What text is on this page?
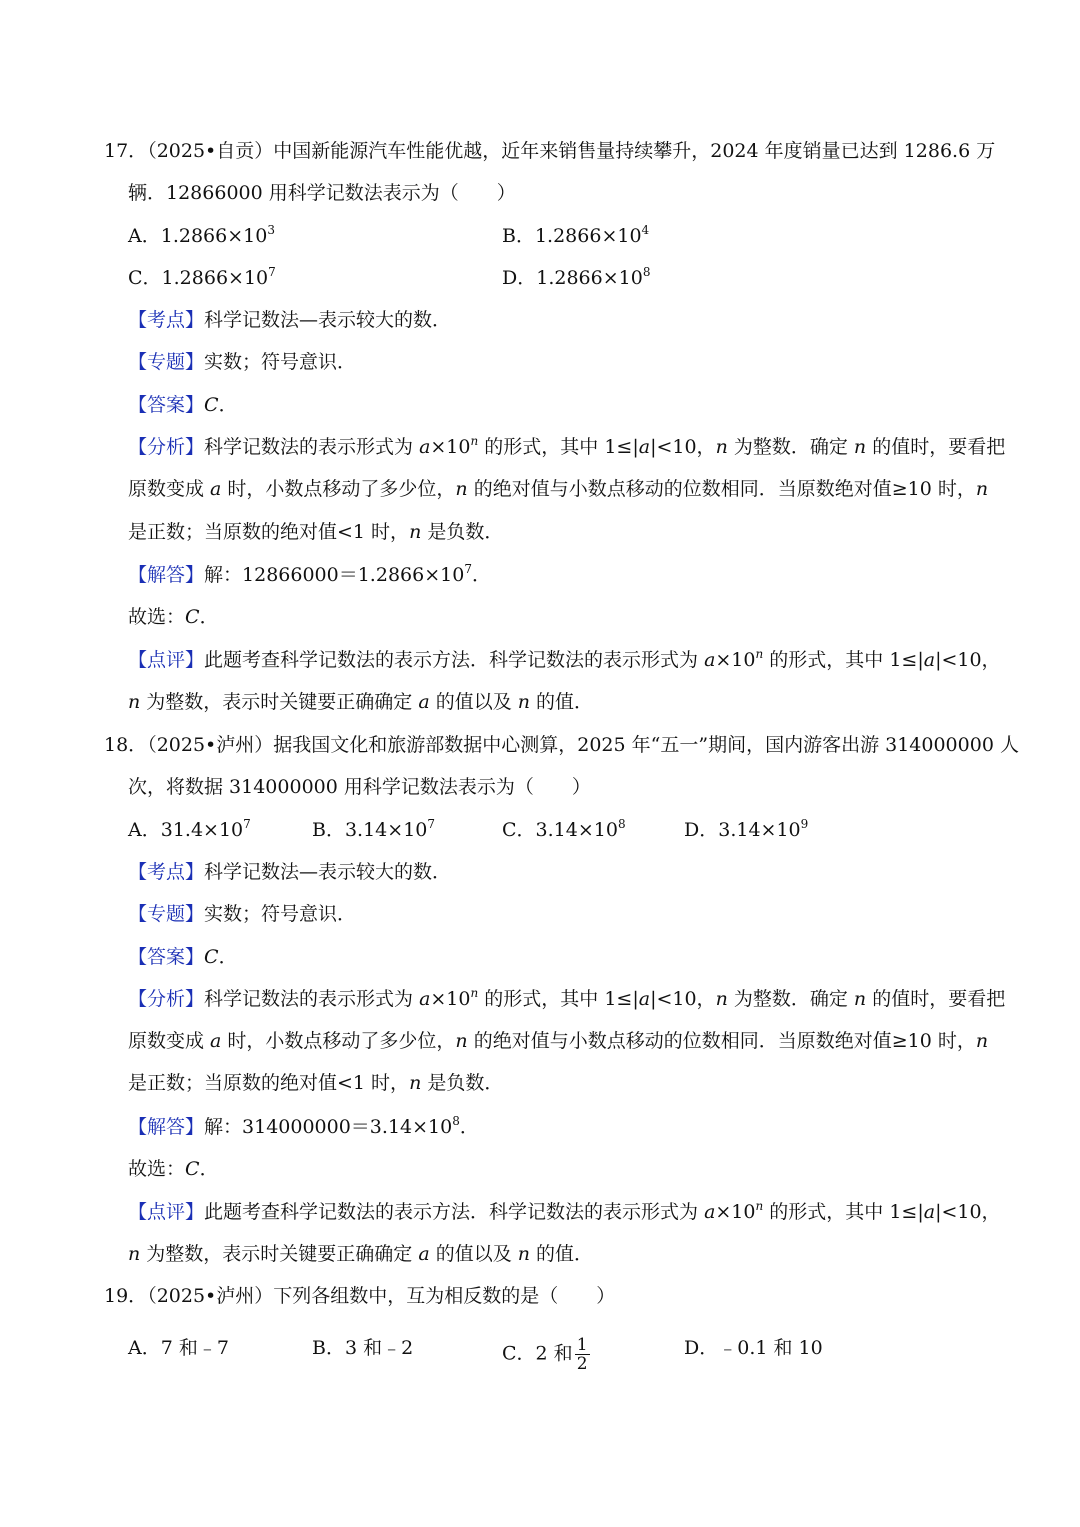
17．（2025•自贡）中国新能源汽车性能优越，近年来销售量持续攀升，2024 年度销量已达到 1286.6 万
辆．12866000 用科学记数法表示为（　　）
A．$1.2866\times 10^3$	B．$1.2866\times 10^4$
C．$1.2866\times 10^7$	D．$1.2866\times 10^8$
【考点】科学记数法—表示较大的数．
【专题】实数；符号意识．
【答案】C．
【分析】科学记数法的表示形式为 $a\times 10^n$ 的形式，其中 1≤|a|<10，n 为整数．确定 n 的值时，要看把
原数变成 a 时，小数点移动了多少位，n 的绝对值与小数点移动的位数相同．当原数绝对值≥10 时，n
是正数；当原数的绝对值<1 时，n 是负数．
【解答】解：$12866000=1.2866\times 10^7$．
故选：C．
【点评】此题考查科学记数法的表示方法．科学记数法的表示形式为 $a\times 10^n$ 的形式，其中 1≤|a|<10，
n 为整数，表示时关键要正确确定 a 的值以及 n 的值．
18．（2025•泸州）据我国文化和旅游部数据中心测算，2025 年“五一”期间，国内游客出游 314000000 人
次，将数据 314000000 用科学记数法表示为（　　）
A．$31.4\times 10^7$	B．$3.14\times 10^7$	C．$3.14\times 10^8$	D．$3.14\times 10^9$
【考点】科学记数法—表示较大的数．
【专题】实数；符号意识．
【答案】C．
【分析】科学记数法的表示形式为 $a\times 10^n$ 的形式，其中 1≤|a|<10，n 为整数．确定 n 的值时，要看把
原数变成 a 时，小数点移动了多少位，n 的绝对值与小数点移动的位数相同．当原数绝对值≥10 时，n
是正数；当原数的绝对值<1 时，n 是负数．
【解答】解：$314000000=3.14\times 10^8$．
故选：C．
【点评】此题考查科学记数法的表示方法．科学记数法的表示形式为 $a\times 10^n$ 的形式，其中 1≤|a|<10，
n 为整数，表示时关键要正确确定 a 的值以及 n 的值．
19．（2025•泸州）下列各组数中，互为相反数的是（　　）
A．7 和﹣7	B．3 和﹣2	C．2 和 $\frac{1}{2}$	D．﹣0.1 和 10
